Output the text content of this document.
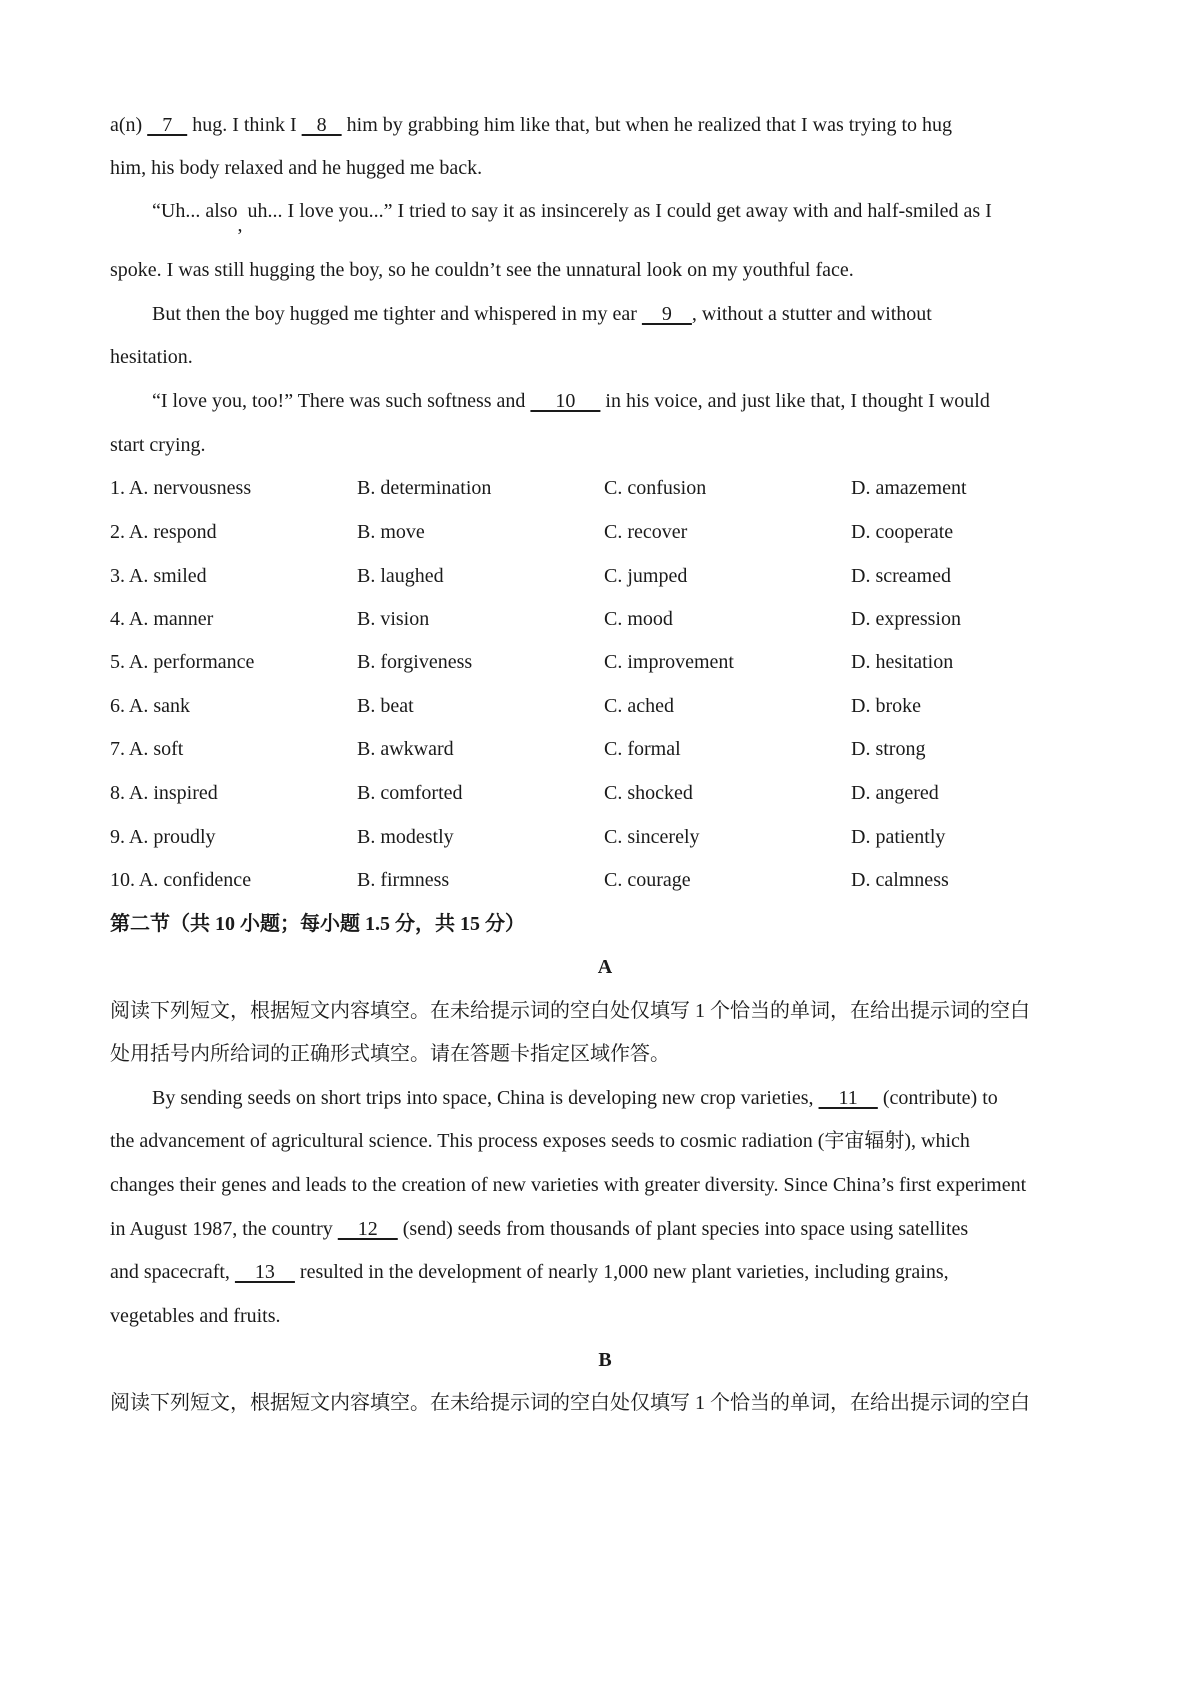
a(n)    7    hug. I think I    8    him by grabbing him like that, but when he realized that I was trying to hug
him, his body relaxed and he hugged me back.
“Uh... also, uh... I love you...” I tried to say it as insincerely as I could get away with and half-smiled as I
spoke. I was still hugging the boy, so he couldn’t see the unnatural look on my youthful face.
But then the boy hugged me tighter and whispered in my ear     9    , without a stutter and without
hesitation.
“I love you, too!” There was such softness and      10      in his voice, and just like that, I thought I would
start crying.
1. A. nervousness	B. determination	C. confusion	D. amazement
2. A. respond	B. move	C. recover	D. cooperate
3. A. smiled	B. laughed	C. jumped	D. screamed
4. A. manner	B. vision	C. mood	D. expression
5. A. performance	B. forgiveness	C. improvement	D. hesitation
6. A. sank	B. beat	C. ached	D. broke
7. A. soft	B. awkward	C. formal	D. strong
8. A. inspired	B. comforted	C. shocked	D. angered
9. A. proudly	B. modestly	C. sincerely	D. patiently
10. A. confidence	B. firmness	C. courage	D. calmness
第二节（共 10 小题；每小题 1.5 分，共 15 分）
A
阅读下列短文，根据短文内容填空。在未给提示词的空白处仅填写 1 个恰当的单词，在给出提示词的空白
处用括号内所给词的正确形式填空。请在答题卡指定区域作答。
By sending seeds on short trips into space, China is developing new crop varieties,     11     (contribute) to
the advancement of agricultural science. This process exposes seeds to cosmic radiation (宇宙辐射), which
changes their genes and leads to the creation of new varieties with greater diversity. Since China’s first experiment
in August 1987, the country     12     (send) seeds from thousands of plant species into space using satellites
and spacecraft,     13     resulted in the development of nearly 1,000 new plant varieties, including grains,
vegetables and fruits.
B
阅读下列短文，根据短文内容填空。在未给提示词的空白处仅填写 1 个恰当的单词，在给出提示词的空白
